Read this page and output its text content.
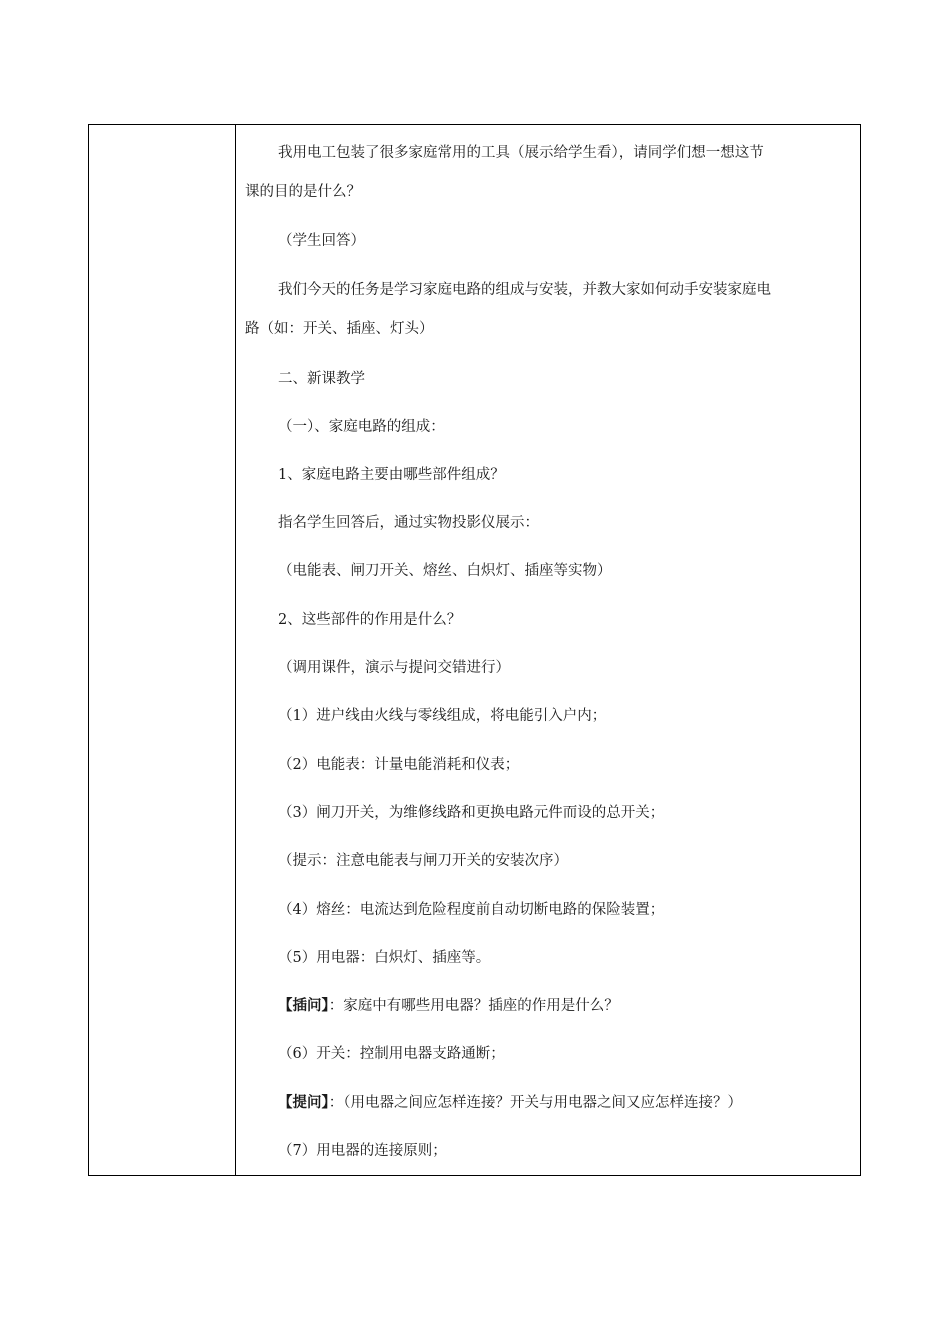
我用电工包装了很多家庭常用的工具（展示给学生看），请同学们想一想这节
课的目的是什么？
（学生回答）
我们今天的任务是学习家庭电路的组成与安装，并教大家如何动手安装家庭电
路（如：开关、插座、灯头）
二、新课教学
（一）、家庭电路的组成：
1、家庭电路主要由哪些部件组成？
指名学生回答后，通过实物投影仪展示：
（电能表、闸刀开关、熔丝、白炽灯、插座等实物）
2、这些部件的作用是什么？
（调用课件，演示与提问交错进行）
（1）进户线由火线与零线组成，将电能引入户内；
（2）电能表：计量电能消耗和仪表；
（3）闸刀开关，为维修线路和更换电路元件而设的总开关；
（提示：注意电能表与闸刀开关的安装次序）
（4）熔丝：电流达到危险程度前自动切断电路的保险装置；
（5）用电器：白炽灯、插座等。
【插问】：家庭中有哪些用电器？插座的作用是什么？
（6）开关：控制用电器支路通断；
【提问】：（用电器之间应怎样连接？开关与用电器之间又应怎样连接？）
（7）用电器的连接原则；
